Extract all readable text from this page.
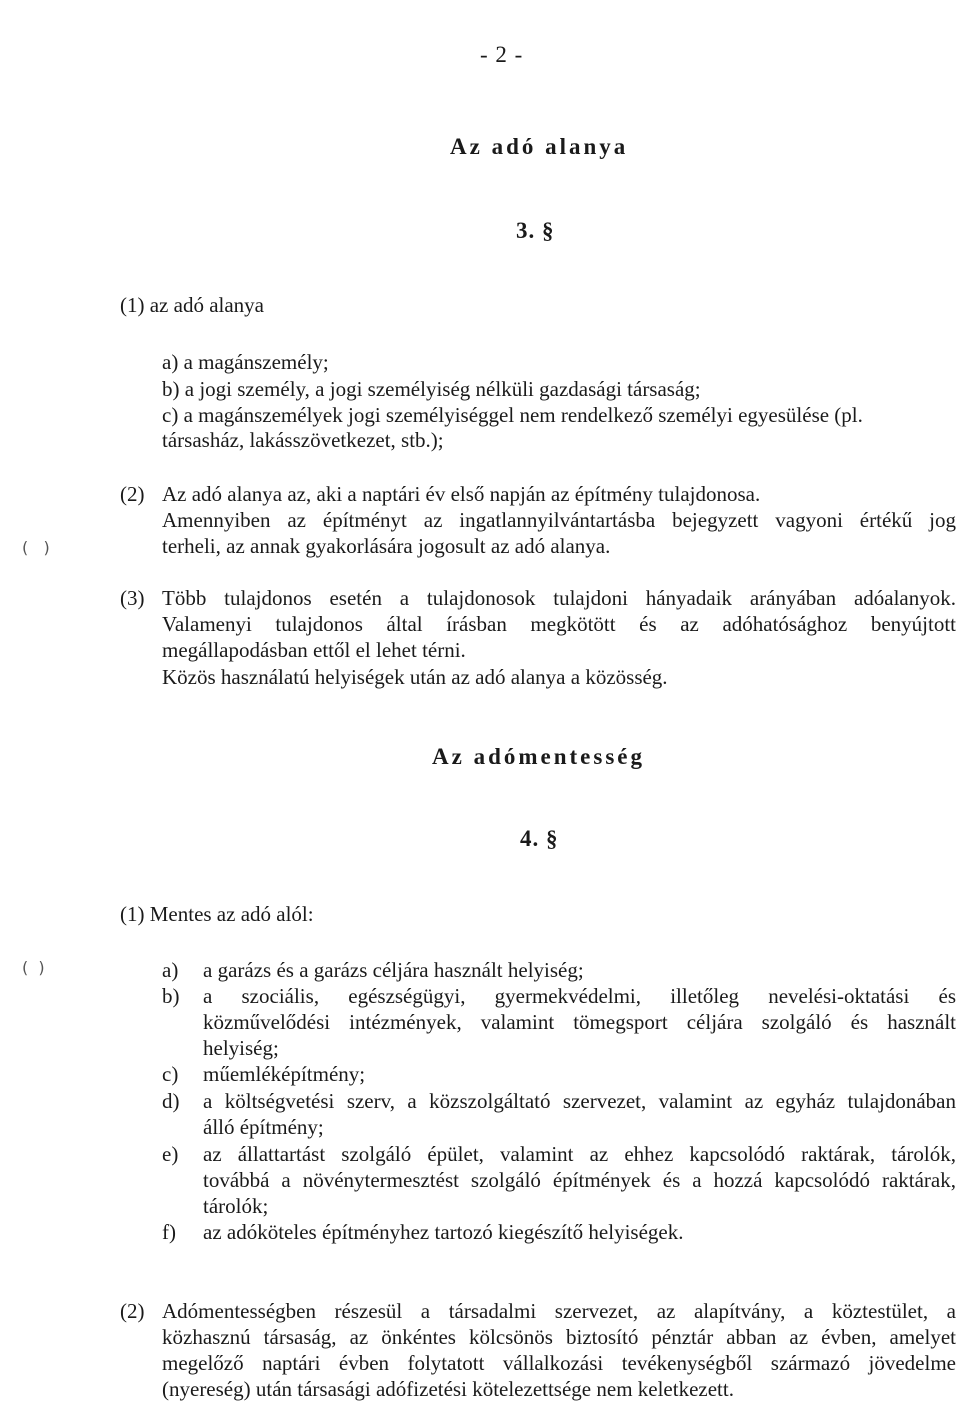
- 2 -
Az adó alanya
3. §
(1) az adó alanya
a) a magánszemély;
b) a jogi személy, a jogi személyiség nélküli gazdasági társaság;
c) a magánszemélyek jogi személyiséggel nem rendelkező személyi egyesülése (pl.
társasház, lakásszövetkezet, stb.);
(2) Az adó alanya az, aki a naptári év első napján az építmény tulajdonosa.
Amennyiben az építményt az ingatlannyilvántartásba bejegyzett vagyoni értékű jog
terheli, az annak gyakorlására jogosult az adó alanya.
(3) Több tulajdonos esetén a tulajdonosok tulajdoni hányadaik arányában adóalanyok.
Valamenyi tulajdonos által írásban megkötött és az adóhatósághoz benyújtott
megállapodásban ettől el lehet térni.
Közös használatú helyiségek után az adó alanya a közösség.
Az adómentesség
4. §
(1) Mentes az adó alól:
a) a garázs és a garázs céljára használt helyiség;
b) a szociális, egészségügyi, gyermekvédelmi, illetőleg nevelési-oktatási és
közművelődési intézmények, valamint tömegsport céljára szolgáló és használt
helyiség;
c) műemléképítmény;
d) a költségvetési szerv, a közszolgáltató szervezet, valamint az egyház tulajdonában
álló építmény;
e) az állattartást szolgáló épület, valamint az ehhez kapcsolódó raktárak, tárolók,
továbbá a növénytermesztést szolgáló építmények és a hozzá kapcsolódó raktárak,
tárolók;
f) az adóköteles építményhez tartozó kiegészítő helyiségek.
(2) Adómentességben részesül a társadalmi szervezet, az alapítvány, a köztestület, a
közhasznú társaság, az önkéntes kölcsönös biztosító pénztár abban az évben, amelyet
megelőző naptári évben folytatott vállalkozási tevékenységből származó jövedelme
(nyereség) után társasági adófizetési kötelezettsége nem keletkezett.
(   )
(  )
